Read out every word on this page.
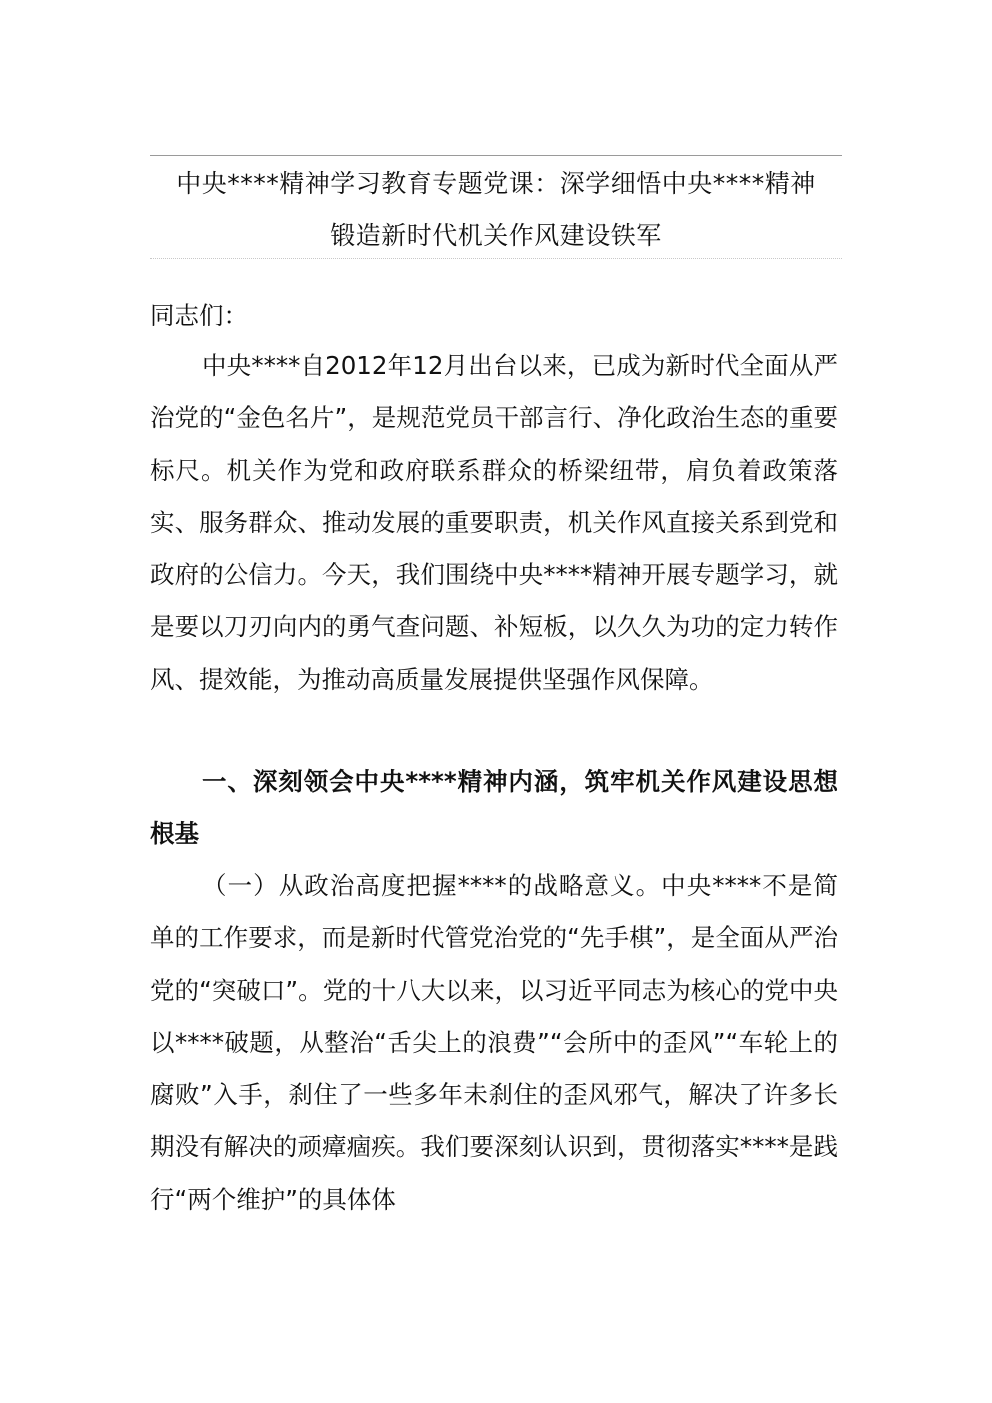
中央****精神学习教育专题党课：深学细悟中央****精神
锻造新时代机关作风建设铁军
同志们：
中央****自2012年12月出台以来，已成为新时代全面从严治党的“金色名片”，是规范党员干部言行、净化政治生态的重要标尺。机关作为党和政府联系群众的桥梁纽带，肩负着政策落实、服务群众、推动发展的重要职责，机关作风直接关系到党和政府的公信力。今天，我们围绕中央****精神开展专题学习，就是要以刀刃向内的勇气查问题、补短板，以久久为功的定力转作风、提效能，为推动高质量发展提供坚强作风保障。
一、深刻领会中央****精神内涵，筑牢机关作风建设思想根基
（一）从政治高度把握****的战略意义。中央****不是简单的工作要求，而是新时代管党治党的“先手棋”，是全面从严治党的“突破口”。党的十八大以来，以习近平同志为核心的党中央以****破题，从整治“舌尖上的浪费”“会所中的歪风”“车轮上的腐败”入手，刹住了一些多年未刹住的歪风邪气，解决了许多长期没有解决的顽瘴痼疾。我们要深刻认识到，贯彻落实****是践行“两个维护”的具体体
